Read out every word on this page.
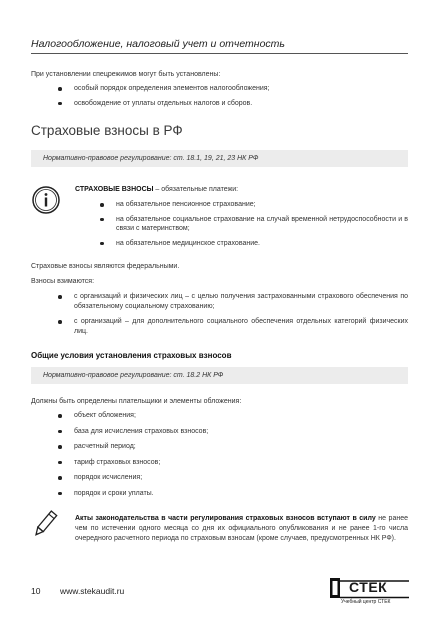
Налогообложение, налоговый учет и отчетность
При установлении спецрежимов могут быть установлены:
особый порядок определения элементов налогообложения;
освобождение от уплаты отдельных налогов и сборов.
Страховые взносы в РФ
Нормативно-правовое регулирование: ст. 18.1, 19, 21, 23 НК РФ
СТРАХОВЫЕ ВЗНОСЫ – обязательные платежи:
на обязательное пенсионное страхование;
на обязательное социальное страхование на случай временной нетрудоспособности и в связи с материнством;
на обязательное медицинское страхование.
Страховые взносы являются федеральными.
Взносы взимаются:
с организаций и физических лиц – с целью получения застрахованными страхового обеспечения по обязательному социальному страхованию;
с организаций – для дополнительного социального обеспечения отдельных категорий физических лиц.
Общие условия установления страховых взносов
Нормативно-правовое регулирование: ст. 18.2 НК РФ
Должны быть определены плательщики и элементы обложения:
объект обложения;
база для исчисления страховых взносов;
расчетный период;
тариф страховых взносов;
порядок исчисления;
порядок и сроки уплаты.
Акты законодательства в части регулирования страховых взносов вступают в силу не ранее чем по истечении одного месяца со дня их официального опубликования и не ранее 1-го числа очередного расчетного периода по страховым взносам (кроме случаев, предусмотренных НК РФ).
10 www.stekaudit.ru	СТЕК
Учебный центр СТЕК
